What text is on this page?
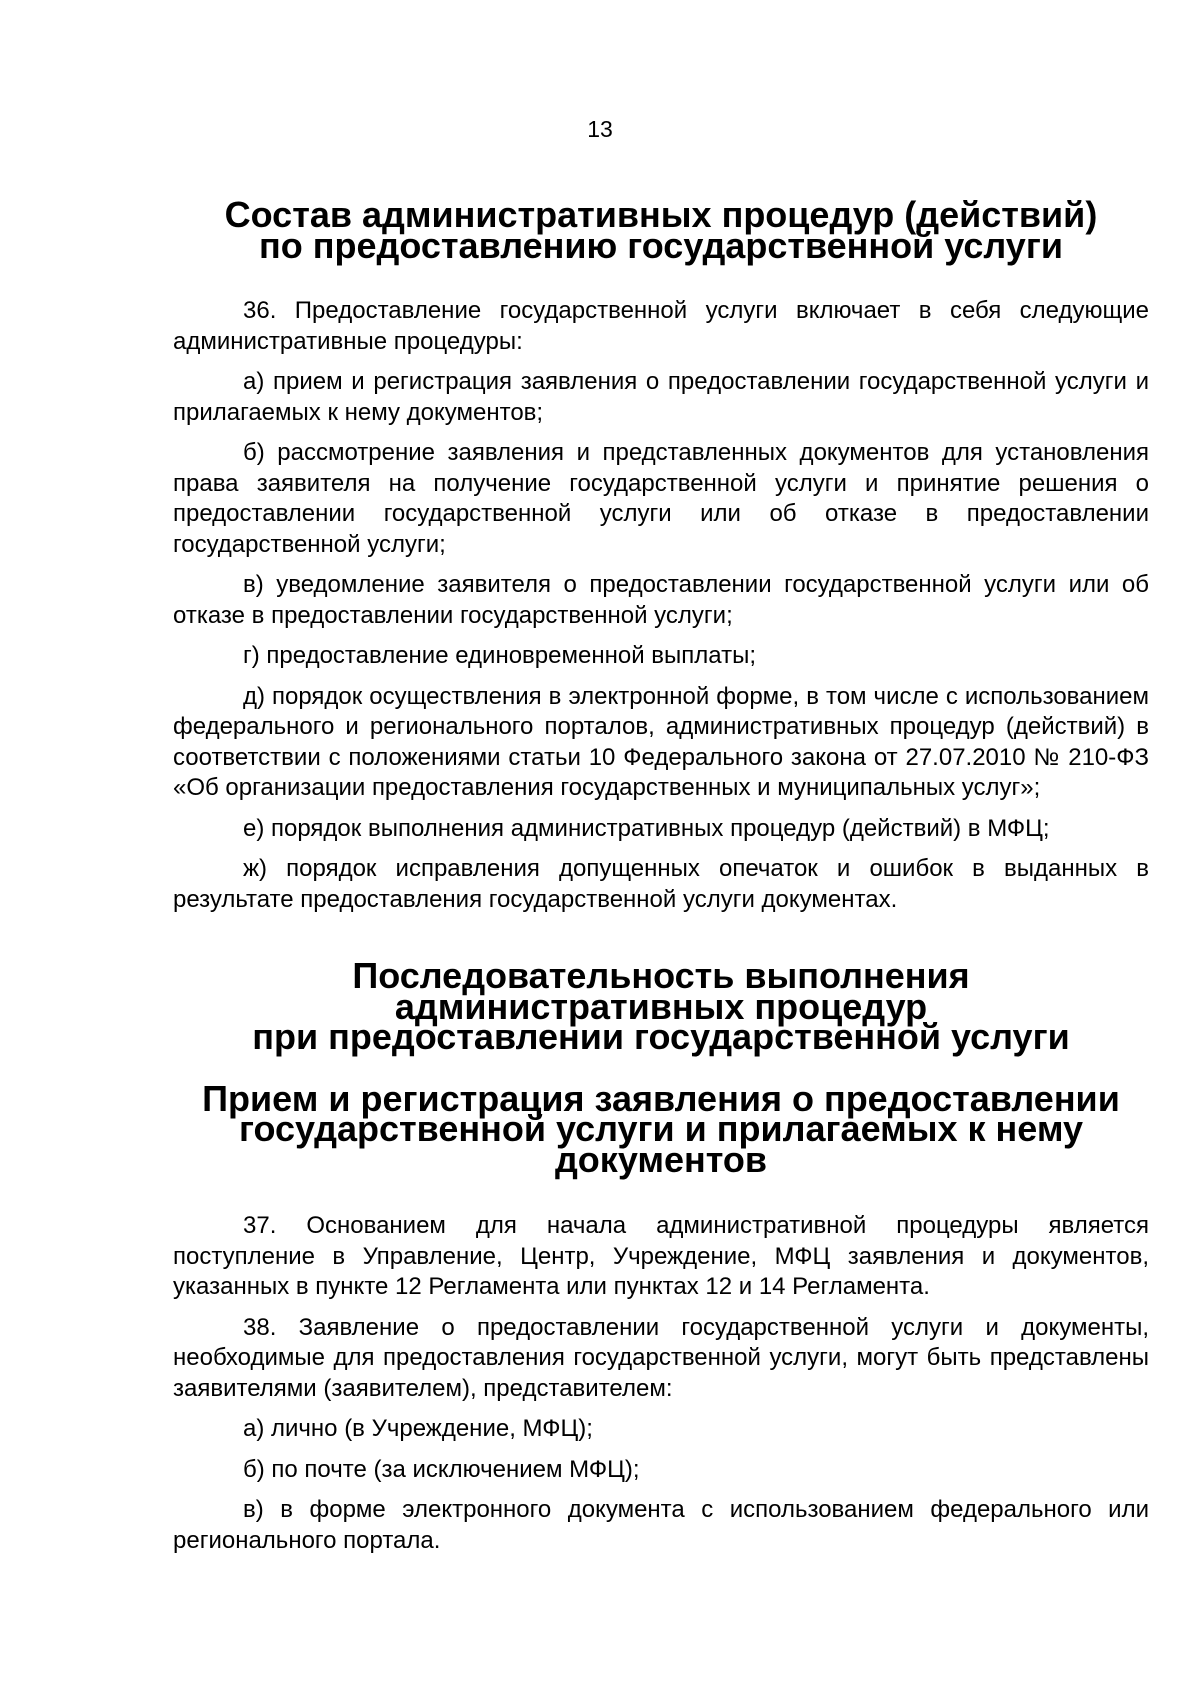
13
Состав административных процедур (действий)
по предоставлению государственной услуги

36. Предоставление государственной услуги включает в себя следующие административные процедуры:

а) прием и регистрация заявления о предоставлении государственной услуги и прилагаемых к нему документов;

б) рассмотрение заявления и представленных документов для установления права заявителя на получение государственной услуги и принятие решения о предоставлении государственной услуги или об отказе в предоставлении государственной услуги;

в) уведомление заявителя о предоставлении государственной услуги или об отказе в предоставлении государственной услуги;

г) предоставление единовременной выплаты;

д) порядок осуществления в электронной форме, в том числе с использованием федерального и регионального порталов, административных процедур (действий) в соответствии с положениями статьи 10 Федерального закона от 27.07.2010 № 210-ФЗ «Об организации предоставления государственных и муниципальных услуг»;

е) порядок выполнения административных процедур (действий) в МФЦ;

ж) порядок исправления допущенных опечаток и ошибок в выданных в результате предоставления государственной услуги документах.

Последовательность выполнения административных процедур
при предоставлении государственной услуги
Прием и регистрация заявления о предоставлении
государственной услуги и прилагаемых к нему документов

37. Основанием для начала административной процедуры является поступление в Управление, Центр, Учреждение, МФЦ заявления и документов, указанных в пункте 12 Регламента или пунктах 12 и 14 Регламента.

38. Заявление о предоставлении государственной услуги и документы, необходимые для предоставления государственной услуги, могут быть представлены заявителями (заявителем), представителем:

а) лично (в Учреждение, МФЦ);

б) по почте (за исключением МФЦ);

в) в форме электронного документа с использованием федерального или регионального портала.
